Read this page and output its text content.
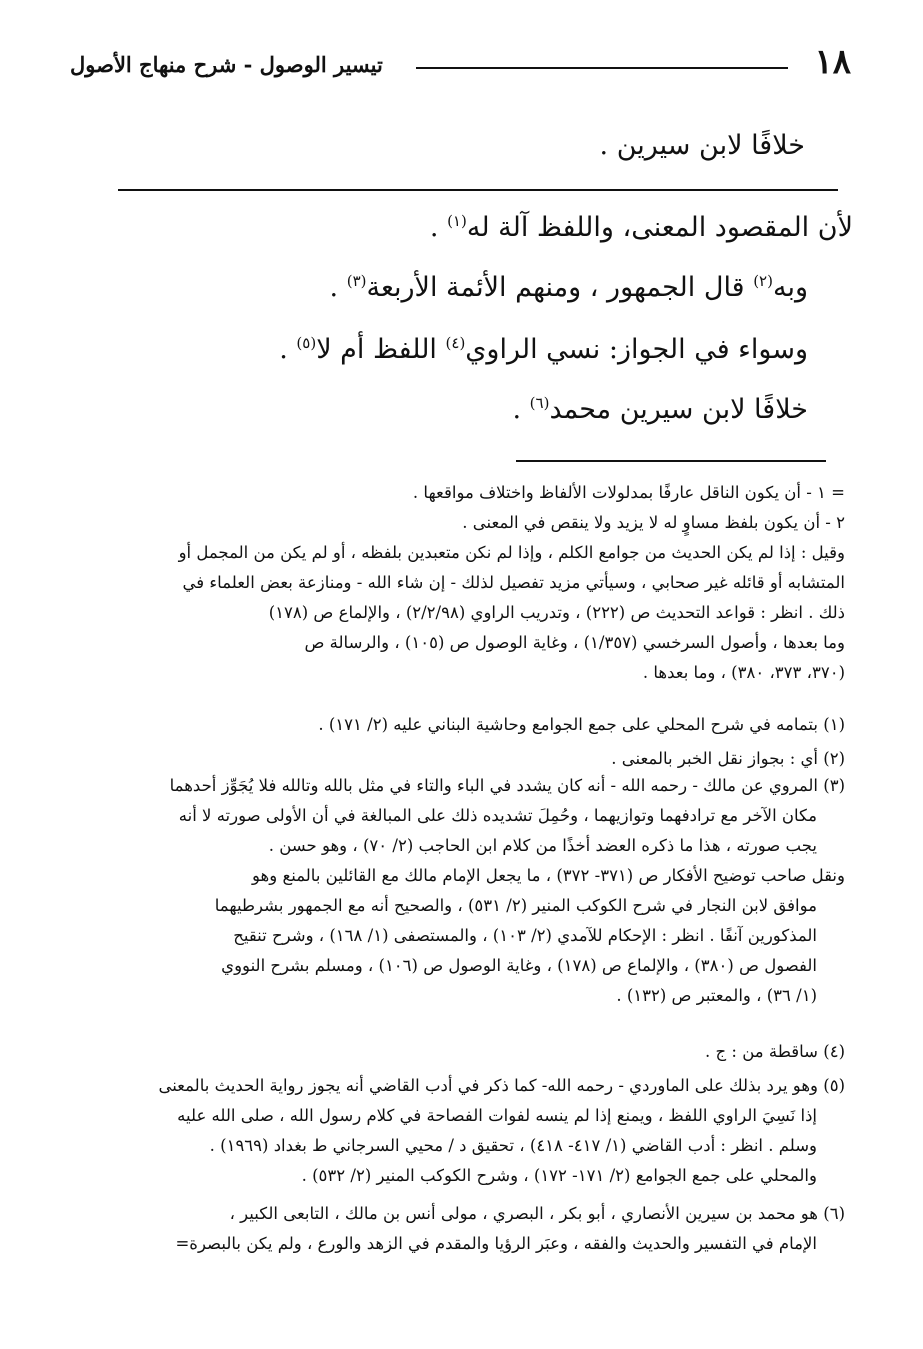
١٨
تيسير الوصول - شرح منهاج الأصول
خلافًا لابن سيرين .
لأن المقصود المعنى، واللفظ آلة له$^{(١)}$ .
وبه$^{(٢)}$ قال الجمهور ، ومنهم الأئمة الأربعة$^{(٣)}$ .
وسواء في الجواز: نسي الراوي$^{(٤)}$ اللفظ أم لا$^{(٥)}$ .
خلافًا لابن سيرين محمد$^{(٦)}$ .
= ١ - أن يكون الناقل عارفًا بمدلولات الألفاظ واختلاف مواقعها .
٢ - أن يكون بلفظ مساوٍ له لا يزيد ولا ينقص في المعنى .
وقيل : إذا لم يكن الحديث من جوامع الكلم ، وإذا لم نكن متعبدين بلفظه ، أو لم يكن من المجمل أو
المتشابه أو قائله غير صحابي ، وسيأتي مزيد تفصيل لذلك - إن شاء الله - ومنازعة بعض العلماء في
ذلك . انظر : قواعد التحديث ص (٢٢٢) ، وتدريب الراوي (٢/٢/٩٨) ، والإلماع ص (١٧٨)
وما بعدها ، وأصول السرخسي (١/٣٥٧) ، وغاية الوصول ص (١٠٥) ، والرسالة ص
(٣٧٠، ٣٧٣، ٣٨٠) ، وما بعدها .
(١) بتمامه في شرح المحلي على جمع الجوامع وحاشية البناني عليه (٢/ ١٧١) .
(٢) أي : بجواز نقل الخبر بالمعنى .
(٣) المروي عن مالك - رحمه الله - أنه كان يشدد في الباء والتاء في مثل بالله وتالله فلا يُجَوِّز أحدهما
مكان الآخر مع ترادفهما وتوازيهما ، وحُمِلَ تشديده ذلك على المبالغة في أن الأولى صورته لا أنه
يجب صورته ، هذا ما ذكره العضد أخذًا من كلام ابن الحاجب (٢/ ٧٠) ، وهو حسن .
ونقل صاحب توضيح الأفكار ص (٣٧١- ٣٧٢) ، ما يجعل الإمام مالك مع القائلين بالمنع وهو
موافق لابن النجار في شرح الكوكب المنير (٢/ ٥٣١) ، والصحيح أنه مع الجمهور بشرطيهما
المذكورين آنفًا . انظر : الإحكام للآمدي (٢/ ١٠٣) ، والمستصفى (١/ ١٦٨) ، وشرح تنقيح
الفصول ص (٣٨٠) ، والإلماع ص (١٧٨) ، وغاية الوصول ص (١٠٦) ، ومسلم بشرح النووي
(١/ ٣٦) ، والمعتبر ص (١٣٢) .
(٤) ساقطة من : ج .
(٥) وهو يرد بذلك على الماوردي - رحمه الله- كما ذكر في أدب القاضي أنه يجوز رواية الحديث بالمعنى
إذا نَسِيَ الراوي اللفظ ، ويمنع إذا لم ينسه لفوات الفصاحة في كلام رسول الله ، صلى الله عليه
وسلم . انظر : أدب القاضي (١/ ٤١٧- ٤١٨) ، تحقيق د / محيي السرجاني ط بغداد (١٩٦٩) .
والمحلي على جمع الجوامع (٢/ ١٧١- ١٧٢) ، وشرح الكوكب المنير (٢/ ٥٣٢) .
(٦) هو محمد بن سيرين الأنصاري ، أبو بكر ، البصري ، مولى أنس بن مالك ، التابعى الكبير ،
الإمام في التفسير والحديث والفقه ، وعبَر الرؤيا والمقدم في الزهد والورع ، ولم يكن بالبصرة=
